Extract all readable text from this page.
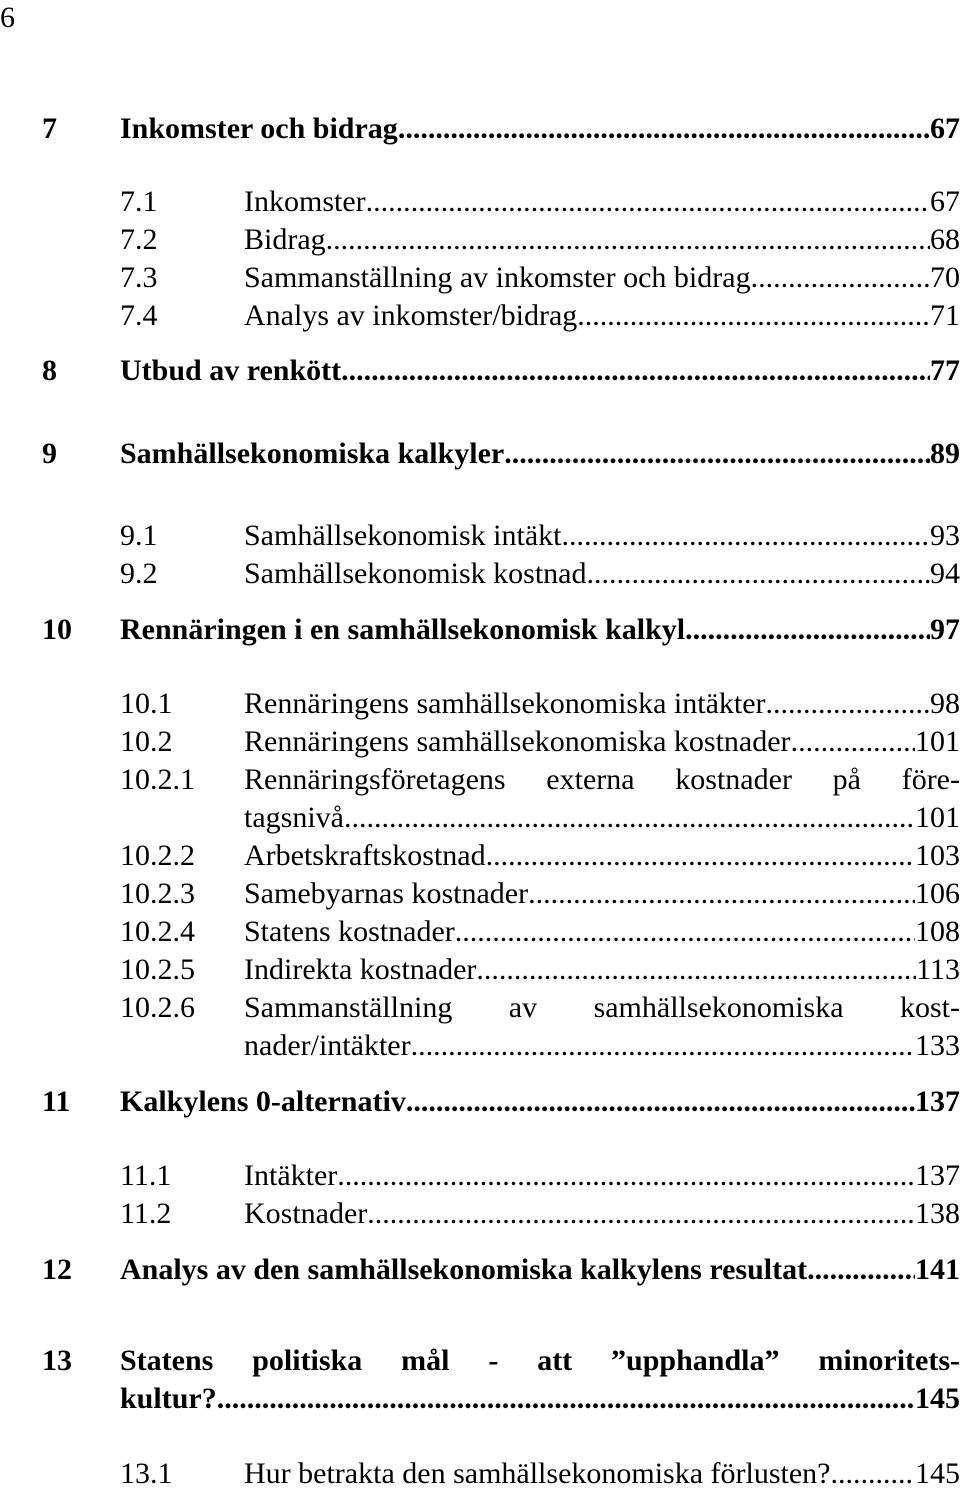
6
7 Inkomster och bidrag .....	67
7.1	Inkomster .....	67
7.2	Bidrag .....	68
7.3	Sammanställning av inkomster och bidrag .....	70
7.4	Analys av inkomster/bidrag .....	71
8 Utbud av renkött .....	77
9 Samhällsekonomiska kalkyler .....	89
9.1	Samhällsekonomisk intäkt .....	93
9.2	Samhällsekonomisk kostnad .....	94
10 Rennäringen i en samhällsekonomisk kalkyl .....	97
10.1 Rennäringens samhällsekonomiska intäkter .....	98
10.2 Rennäringens samhällsekonomiska kostnader .....	101
10.2.1 Rennäringsföretagens externa kostnader på före-
tagsnivå .....	101
10.2.2 Arbetskraftskostnad .....	103
10.2.3 Samebyarnas kostnader .....	106
10.2.4 Statens kostnader .....	108
10.2.5 Indirekta kostnader .....	113
10.2.6 Sammanställning av samhällsekonomiska kost-
nader/intäkter .....	133
11 Kalkylens 0-alternativ .....	137
11.1 Intäkter .....	137
11.2 Kostnader .....	138
12 Analys av den samhällsekonomiska kalkylens resultat .....	141
13 Statens politiska mål - att ”upphandla” minoritets-
kultur? .....	145
13.1 Hur betrakta den samhällsekonomiska förlusten? .....	145
